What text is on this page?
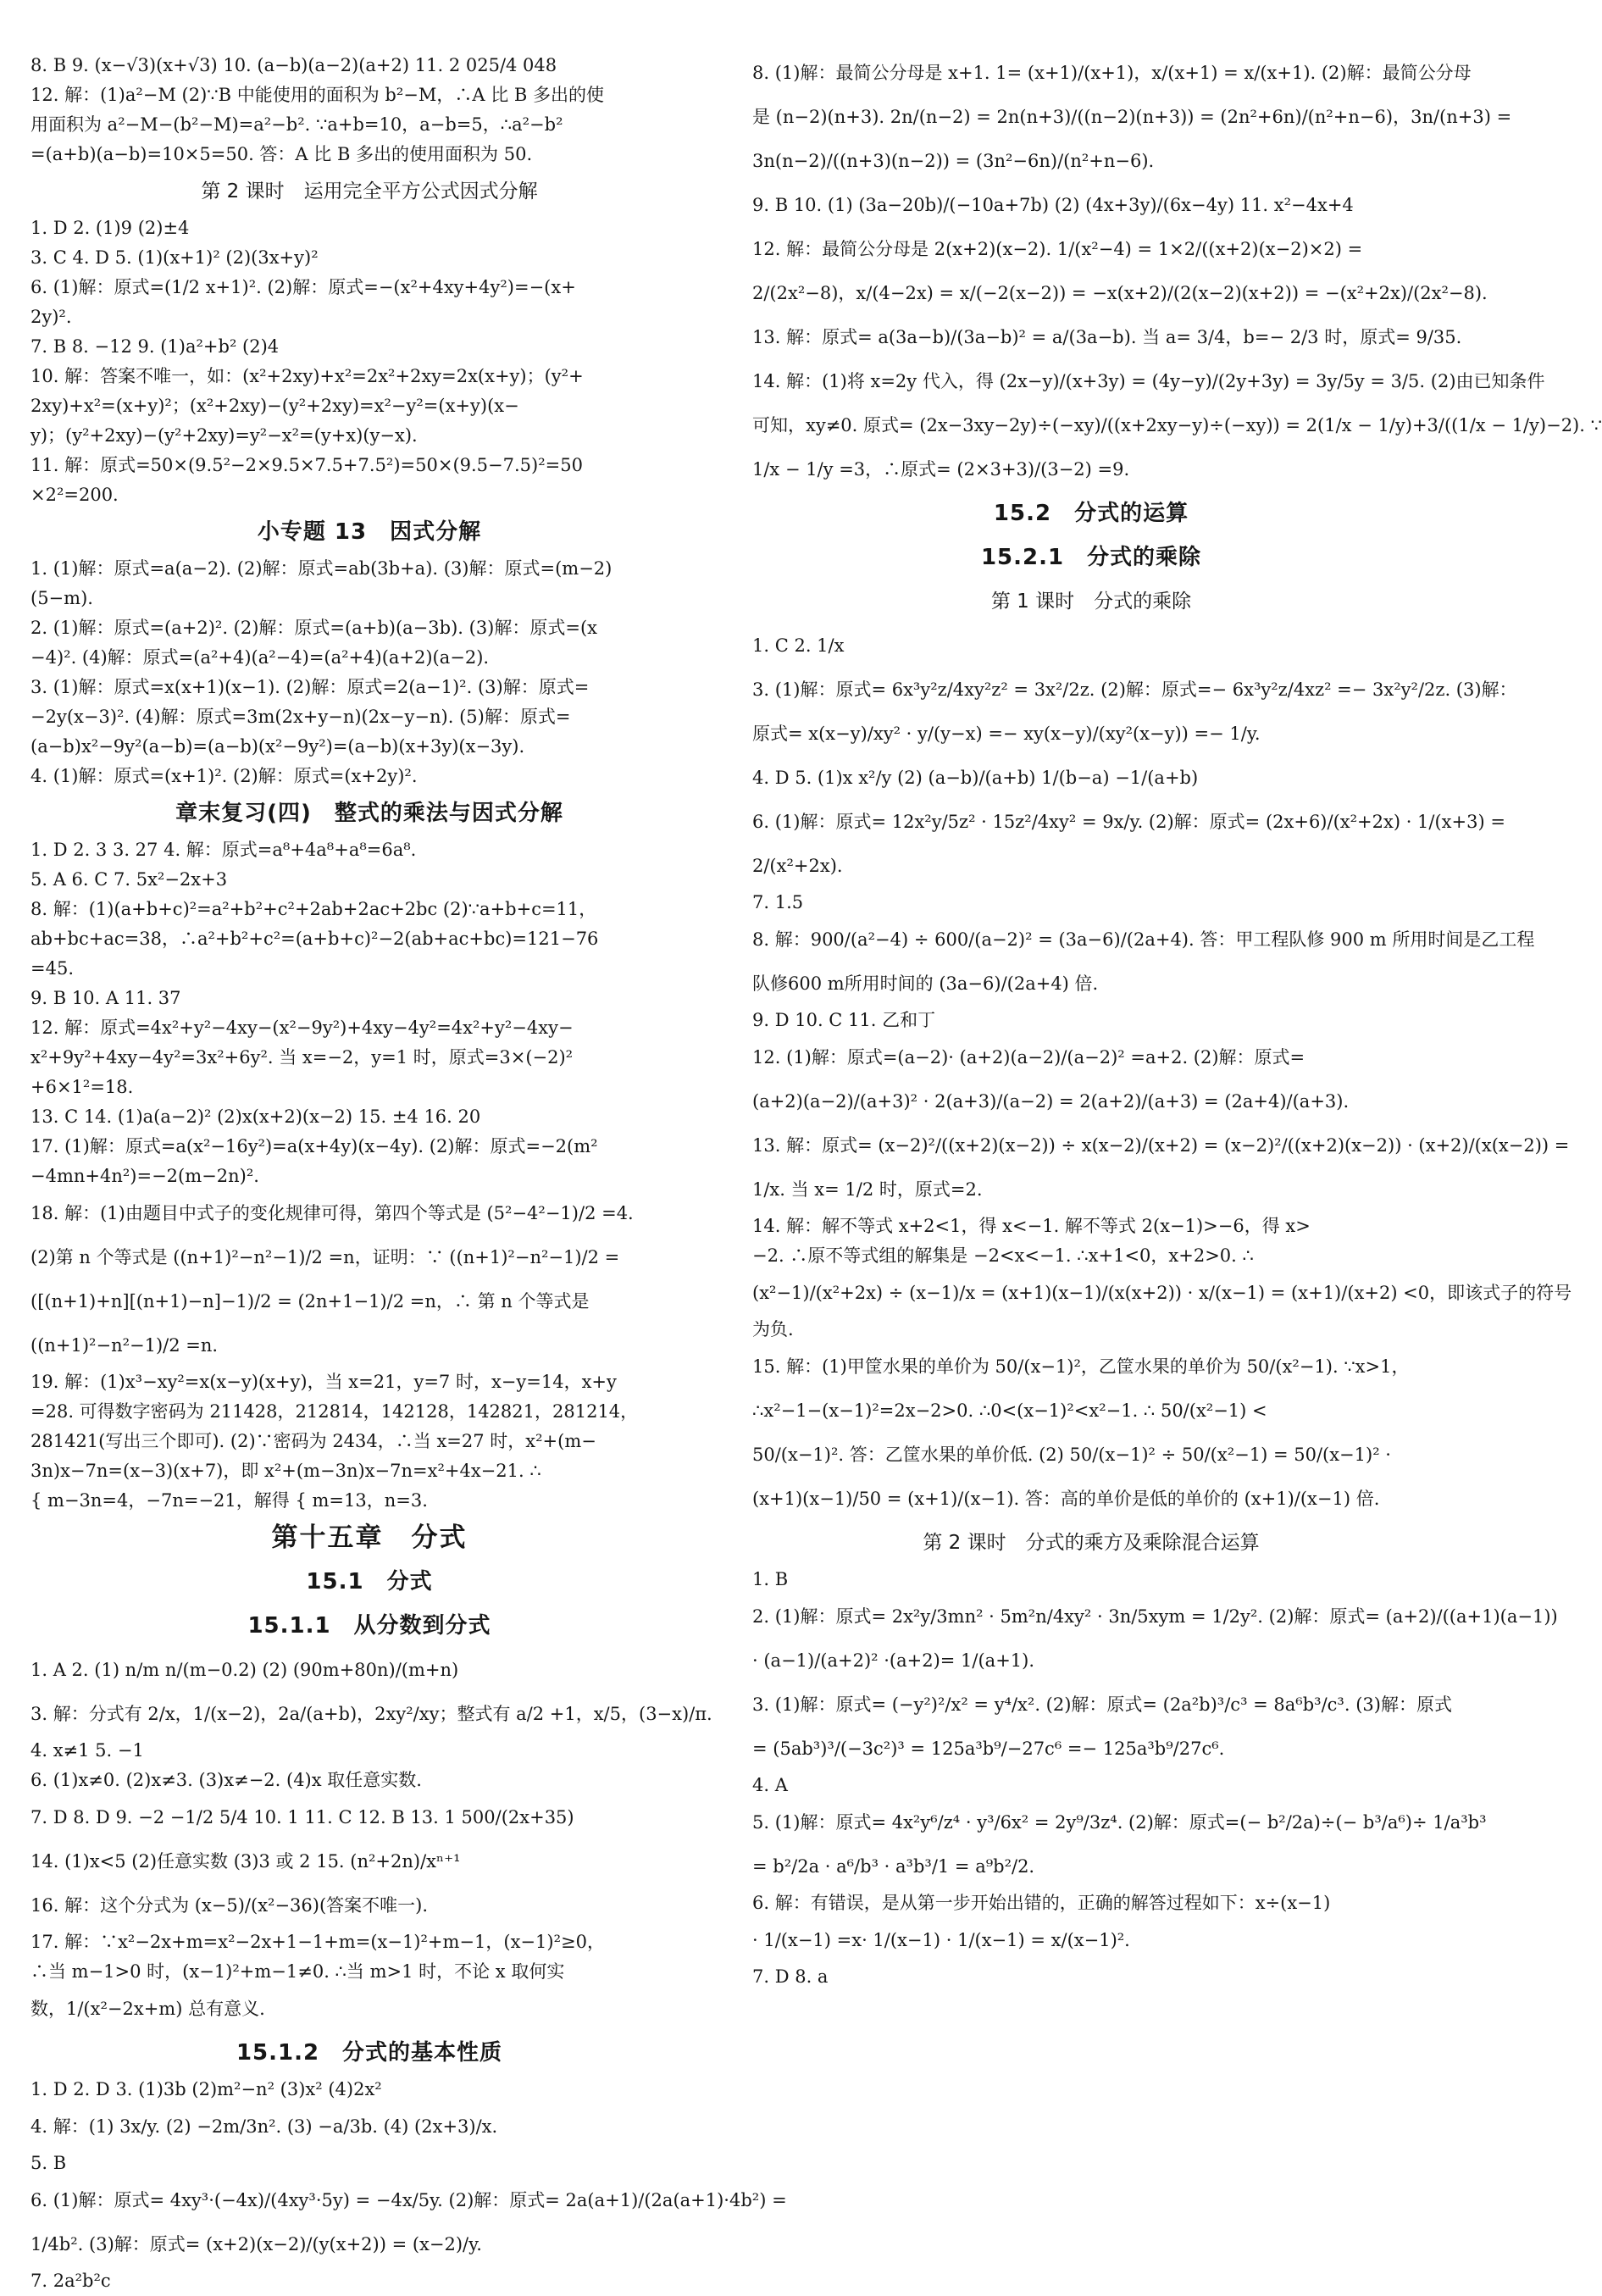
8. B 9. (x−√3)(x+√3) 10. (a−b)(a−2)(a+2) 11. 2 025/4 048
12. 解：(1)a²−M (2)∵B 中能使用的面积为 b²−M，∴A 比 B 多出的使
用面积为 a²−M−(b²−M)=a²−b². ∵a+b=10，a−b=5，∴a²−b²
=(a+b)(a−b)=10×5=50. 答：A 比 B 多出的使用面积为 50.
第 2 课时　运用完全平方公式因式分解
1. D 2. (1)9 (2)±4
3. C 4. D 5. (1)(x+1)² (2)(3x+y)²
6. (1)解：原式=(1/2 x+1)². (2)解：原式=−(x²+4xy+4y²)=−(x+
2y)².
7. B 8. −12 9. (1)a²+b² (2)4
10. 解：答案不唯一，如：(x²+2xy)+x²=2x²+2xy=2x(x+y)；(y²+
2xy)+x²=(x+y)²；(x²+2xy)−(y²+2xy)=x²−y²=(x+y)(x−
y)；(y²+2xy)−(y²+2xy)=y²−x²=(y+x)(y−x).
11. 解：原式=50×(9.5²−2×9.5×7.5+7.5²)=50×(9.5−7.5)²=50
×2²=200.
小专题 13　因式分解
1. (1)解：原式=a(a−2). (2)解：原式=ab(3b+a). (3)解：原式=(m−2)
(5−m).
2. (1)解：原式=(a+2)². (2)解：原式=(a+b)(a−3b). (3)解：原式=(x
−4)². (4)解：原式=(a²+4)(a²−4)=(a²+4)(a+2)(a−2).
3. (1)解：原式=x(x+1)(x−1). (2)解：原式=2(a−1)². (3)解：原式=
−2y(x−3)². (4)解：原式=3m(2x+y−n)(2x−y−n). (5)解：原式=
(a−b)x²−9y²(a−b)=(a−b)(x²−9y²)=(a−b)(x+3y)(x−3y).
4. (1)解：原式=(x+1)². (2)解：原式=(x+2y)².
章末复习(四)　整式的乘法与因式分解
1. D 2. 3 3. 27 4. 解：原式=a⁸+4a⁸+a⁸=6a⁸.
5. A 6. C 7. 5x²−2x+3
8. 解：(1)(a+b+c)²=a²+b²+c²+2ab+2ac+2bc (2)∵a+b+c=11，
ab+bc+ac=38，∴a²+b²+c²=(a+b+c)²−2(ab+ac+bc)=121−76
=45.
9. B 10. A 11. 37
12. 解：原式=4x²+y²−4xy−(x²−9y²)+4xy−4y²=4x²+y²−4xy−
x²+9y²+4xy−4y²=3x²+6y². 当 x=−2，y=1 时，原式=3×(−2)²
+6×1²=18.
13. C 14. (1)a(a−2)² (2)x(x+2)(x−2) 15. ±4 16. 20
17. (1)解：原式=a(x²−16y²)=a(x+4y)(x−4y). (2)解：原式=−2(m²
−4mn+4n²)=−2(m−2n)².
18. 解：(1)由题目中式子的变化规律可得，第四个等式是 (5²−4²−1)/2 =4.
(2)第 n 个等式是 ((n+1)²−n²−1)/2 =n，证明：∵ ((n+1)²−n²−1)/2 =
([(n+1)+n][(n+1)−n]−1)/2 = (2n+1−1)/2 =n，∴ 第 n 个等式是
((n+1)²−n²−1)/2 =n.
19. 解：(1)x³−xy²=x(x−y)(x+y)，当 x=21，y=7 时，x−y=14，x+y
=28. 可得数字密码为 211428，212814，142128，142821，281214，
281421(写出三个即可). (2)∵密码为 2434，∴当 x=27 时，x²+(m−
3n)x−7n=(x−3)(x+7)，即 x²+(m−3n)x−7n=x²+4x−21. ∴
{ m−3n=4，−7n=−21，解得 { m=13，n=3.
第十五章　分式
15.1　分式
15.1.1　从分数到分式
1. A 2. (1) n/m n/(m−0.2) (2) (90m+80n)/(m+n)
3. 解：分式有 2/x，1/(x−2)，2a/(a+b)，2xy²/xy；整式有 a/2 +1，x/5，(3−x)/π.
4. x≠1 5. −1
6. (1)x≠0. (2)x≠3. (3)x≠−2. (4)x 取任意实数.
7. D 8. D 9. −2 −1/2 5/4 10. 1 11. C 12. B 13. 1 500/(2x+35)
14. (1)x<5 (2)任意实数 (3)3 或 2 15. (n²+2n)/xⁿ⁺¹
16. 解：这个分式为 (x−5)/(x²−36)(答案不唯一).
17. 解：∵x²−2x+m=x²−2x+1−1+m=(x−1)²+m−1，(x−1)²≥0，
∴当 m−1>0 时，(x−1)²+m−1≠0. ∴当 m>1 时，不论 x 取何实
数，1/(x²−2x+m) 总有意义.
15.1.2　分式的基本性质
1. D 2. D 3. (1)3b (2)m²−n² (3)x² (4)2x²
4. 解：(1) 3x/y. (2) −2m/3n². (3) −a/3b. (4) (2x+3)/x.
5. B
6. (1)解：原式= 4xy³·(−4x)/(4xy³·5y) = −4x/5y. (2)解：原式= 2a(a+1)/(2a(a+1)·4b²) =
1/4b². (3)解：原式= (x+2)(x−2)/(y(x+2)) = (x−2)/y.
7. 2a²b²c
8. (1)解：最简公分母是 x+1. 1= (x+1)/(x+1)，x/(x+1) = x/(x+1). (2)解：最简公分母
是 (n−2)(n+3). 2n/(n−2) = 2n(n+3)/((n−2)(n+3)) = (2n²+6n)/(n²+n−6)，3n/(n+3) =
3n(n−2)/((n+3)(n−2)) = (3n²−6n)/(n²+n−6).
9. B 10. (1) (3a−20b)/(−10a+7b) (2) (4x+3y)/(6x−4y) 11. x²−4x+4
12. 解：最简公分母是 2(x+2)(x−2). 1/(x²−4) = 1×2/((x+2)(x−2)×2) =
2/(2x²−8)，x/(4−2x) = x/(−2(x−2)) = −x(x+2)/(2(x−2)(x+2)) = −(x²+2x)/(2x²−8).
13. 解：原式= a(3a−b)/(3a−b)² = a/(3a−b). 当 a= 3/4，b=− 2/3 时，原式= 9/35.
14. 解：(1)将 x=2y 代入，得 (2x−y)/(x+3y) = (4y−y)/(2y+3y) = 3y/5y = 3/5. (2)由已知条件
可知，xy≠0. 原式= (2x−3xy−2y)÷(−xy)/((x+2xy−y)÷(−xy)) = 2(1/x − 1/y)+3/((1/x − 1/y)−2). ∵
1/x − 1/y =3，∴原式= (2×3+3)/(3−2) =9.
15.2　分式的运算
15.2.1　分式的乘除
第 1 课时　分式的乘除
1. C 2. 1/x
3. (1)解：原式= 6x³y²z/4xy²z² = 3x²/2z. (2)解：原式=− 6x³y²z/4xz² =− 3x²y²/2z. (3)解：
原式= x(x−y)/xy² · y/(y−x) =− xy(x−y)/(xy²(x−y)) =− 1/y.
4. D 5. (1)x x²/y (2) (a−b)/(a+b) 1/(b−a) −1/(a+b)
6. (1)解：原式= 12x²y/5z² · 15z²/4xy² = 9x/y. (2)解：原式= (2x+6)/(x²+2x) · 1/(x+3) =
2/(x²+2x).
7. 1.5
8. 解：900/(a²−4) ÷ 600/(a−2)² = (3a−6)/(2a+4). 答：甲工程队修 900 m 所用时间是乙工程
队修600 m所用时间的 (3a−6)/(2a+4) 倍.
9. D 10. C 11. 乙和丁
12. (1)解：原式=(a−2)· (a+2)(a−2)/(a−2)² =a+2. (2)解：原式=
(a+2)(a−2)/(a+3)² · 2(a+3)/(a−2) = 2(a+2)/(a+3) = (2a+4)/(a+3).
13. 解：原式= (x−2)²/((x+2)(x−2)) ÷ x(x−2)/(x+2) = (x−2)²/((x+2)(x−2)) · (x+2)/(x(x−2)) =
1/x. 当 x= 1/2 时，原式=2.
14. 解：解不等式 x+2<1，得 x<−1. 解不等式 2(x−1)>−6，得 x>
−2. ∴原不等式组的解集是 −2<x<−1. ∴x+1<0，x+2>0. ∴
(x²−1)/(x²+2x) ÷ (x−1)/x = (x+1)(x−1)/(x(x+2)) · x/(x−1) = (x+1)/(x+2) <0，即该式子的符号
为负.
15. 解：(1)甲筐水果的单价为 50/(x−1)²，乙筐水果的单价为 50/(x²−1). ∵x>1，
∴x²−1−(x−1)²=2x−2>0. ∴0<(x−1)²<x²−1. ∴ 50/(x²−1) <
50/(x−1)². 答：乙筐水果的单价低. (2) 50/(x−1)² ÷ 50/(x²−1) = 50/(x−1)² ·
(x+1)(x−1)/50 = (x+1)/(x−1). 答：高的单价是低的单价的 (x+1)/(x−1) 倍.
第 2 课时　分式的乘方及乘除混合运算
1. B
2. (1)解：原式= 2x²y/3mn² · 5m²n/4xy² · 3n/5xym = 1/2y². (2)解：原式= (a+2)/((a+1)(a−1))
· (a−1)/(a+2)² ·(a+2)= 1/(a+1).
3. (1)解：原式= (−y²)²/x² = y⁴/x². (2)解：原式= (2a²b)³/c³ = 8a⁶b³/c³. (3)解：原式
= (5ab³)³/(−3c²)³ = 125a³b⁹/−27c⁶ =− 125a³b⁹/27c⁶.
4. A
5. (1)解：原式= 4x²y⁶/z⁴ · y³/6x² = 2y⁹/3z⁴. (2)解：原式=(− b²/2a)÷(− b³/a⁶)÷ 1/a³b³
= b²/2a · a⁶/b³ · a³b³/1 = a⁹b²/2.
6. 解：有错误，是从第一步开始出错的，正确的解答过程如下：x÷(x−1)
· 1/(x−1) =x· 1/(x−1) · 1/(x−1) = x/(x−1)².
7. D 8. a
